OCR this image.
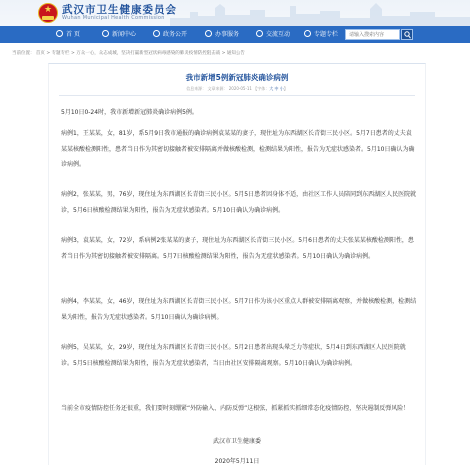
★ 武汉市卫生健康委员会
Wuhan Municipal Health Commission
首 页	新闻中心	政务公开	办事服务	交流互动	专题专栏
请输入搜索内容
当前位置： 首页 > 专题专栏 > 万众一心，众志成城，坚决打赢新型冠状病毒感染的肺炎疫情防控阻击战 > 通知公告
我市新增5例新冠肺炎确诊病例
信息来源： 文章来源： 2020-05-11 【字体：大 中 小】

5月10日0-24时，我市新增新冠肺炎确诊病例5例。

病例1，王某某，女，81岁，系5月9日我市通报的确诊病例袁某某的妻子，现住址为东西湖区长青街三民小区。5月7日患者的丈夫袁某某核酸检测阳性，患者当日作为其密切接触者被安排隔离并做核酸检测，检测结果为阳性，报告为无症状感染者。5月10日确认为确诊病例。

病例2，张某某，男，76岁，现住址为东西湖区长青街三民小区。5月5日患者因身体不适，由社区工作人员陪同到东西湖区人民医院就诊，5月6日核酸检测结果为阳性，报告为无症状感染者。5月10日确认为确诊病例。

病例3，袁某某，女，72岁，系病例2张某某的妻子，现住址为东西湖区长青街三民小区。5月6日患者的丈夫张某某核酸检测阳性，患者当日作为其密切接触者被安排隔离。5月7日核酸检测结果为阳性，报告为无症状感染者。5月10日确认为确诊病例。

病例4，李某某，女，46岁，现住址为东西湖区长青街三民小区。5月7日作为该小区重点人群被安排隔离观察，并做核酸检测，检测结果为阳性，报告为无症状感染者。5月10日确认为确诊病例。

病例5，吴某某，女，29岁，现住址为东西湖区长青街三民小区。5月2日患者出现头晕乏力等症状，5月4日到东西湖区人民医院就诊。5月5日核酸检测结果为阳性，报告为无症状感染者，当日由社区安排隔离观察。5月10日确认为确诊病例。

当前全市疫情防控任务还很重，我们要时刻绷紧“外防输入、内防反弹”这根弦，抓紧抓实抓细常态化疫情防控，坚决遏制反弹风险！

武汉市卫生健康委
2020年5月11日
